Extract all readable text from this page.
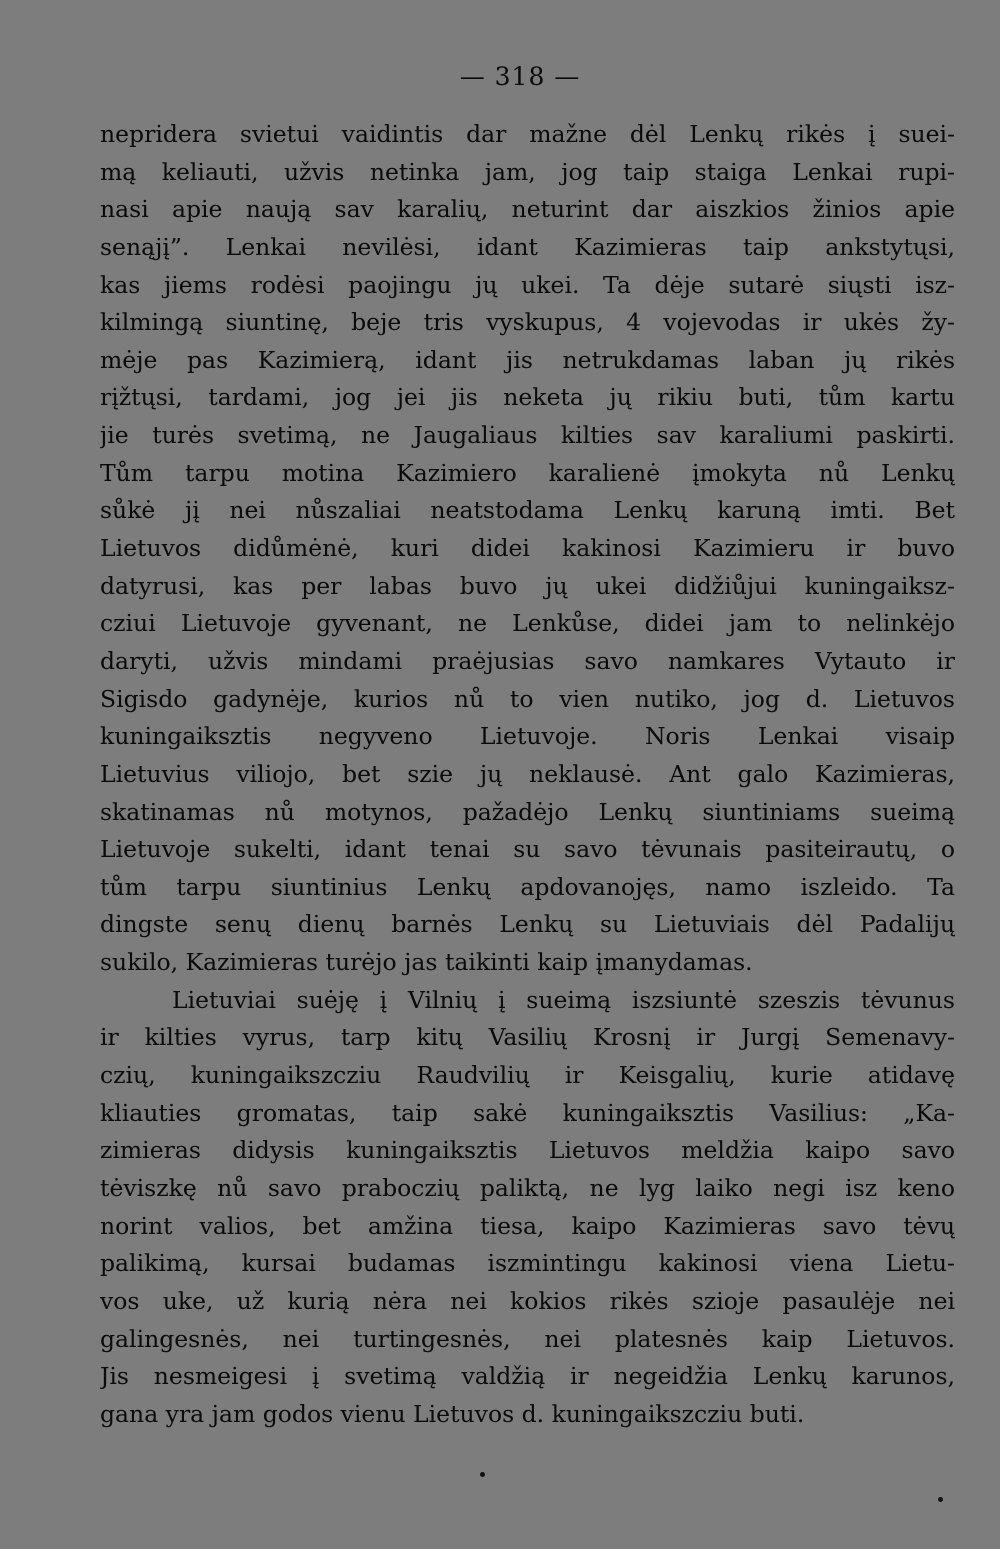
— 318 —
nepridera svietui vaidintis dar mažne dėl Lenkų rikės į suei-
mą keliauti, užvis netinka jam, jog taip staiga Lenkai rupi-
nasi apie naują sav karalių, neturint dar aiszkios žinios apie
senąjį”. Lenkai nevilėsi, idant Kazimieras taip ankstytųsi,
kas jiems rodėsi paojingu jų ukei. Ta dėje sutarė siųsti isz-
kilmingą siuntinę, beje tris vyskupus, 4 vojevodas ir ukės žy-
mėje pas Kazimierą, idant jis netrukdamas laban jų rikės
rįžtųsi, tardami, jog jei jis neketa jų rikiu buti, tům kartu
jie turės svetimą, ne Jaugaliaus kilties sav karaliumi paskirti.
Tům tarpu motina Kazimiero karalienė įmokyta nů Lenkų
sůkė jį nei nůszaliai neatstodama Lenkų karuną imti. Bet
Lietuvos didůmėnė, kuri didei kakinosi Kazimieru ir buvo
datyrusi, kas per labas buvo jų ukei didžiůjui kuningaiksz-
cziui Lietuvoje gyvenant, ne Lenkůse, didei jam to nelinkėjo
daryti, užvis mindami praėjusias savo namkares Vytauto ir
Sigisdo gadynėje, kurios nů to vien nutiko, jog d. Lietuvos
kuningaiksztis negyveno Lietuvoje. Noris Lenkai visaip
Lietuvius viliojo, bet szie jų neklausė. Ant galo Kazimieras,
skatinamas nů motynos, pažadėjo Lenkų siuntiniams sueimą
Lietuvoje sukelti, idant tenai su savo tėvunais pasiteirautų, o
tům tarpu siuntinius Lenkų apdovanojęs, namo iszleido. Ta
dingste senų dienų barnės Lenkų su Lietuviais dėl Padalijų
sukilo, Kazimieras turėjo jas taikinti kaip įmanydamas.
Lietuviai suėję į Vilnių į sueimą iszsiuntė szeszis tėvunus
ir kilties vyrus, tarp kitų Vasilių Krosnį ir Jurgį Semenavy-
czių, kuningaikszcziu Raudvilių ir Keisgalių, kurie atidavę
kliauties gromatas, taip sakė kuningaiksztis Vasilius: „Ka-
zimieras didysis kuningaiksztis Lietuvos meldžia kaipo savo
tėviszkę nů savo praboczių paliktą, ne lyg laiko negi isz keno
norint valios, bet amžina tiesa, kaipo Kazimieras savo tėvų
palikimą, kursai budamas iszmintingu kakinosi viena Lietu-
vos uke, už kurią nėra nei kokios rikės szioje pasaulėje nei
galingesnės, nei turtingesnės, nei platesnės kaip Lietuvos.
Jis nesmeigesi į svetimą valdžią ir negeidžia Lenkų karunos,
gana yra jam godos vienu Lietuvos d. kuningaikszcziu buti.
